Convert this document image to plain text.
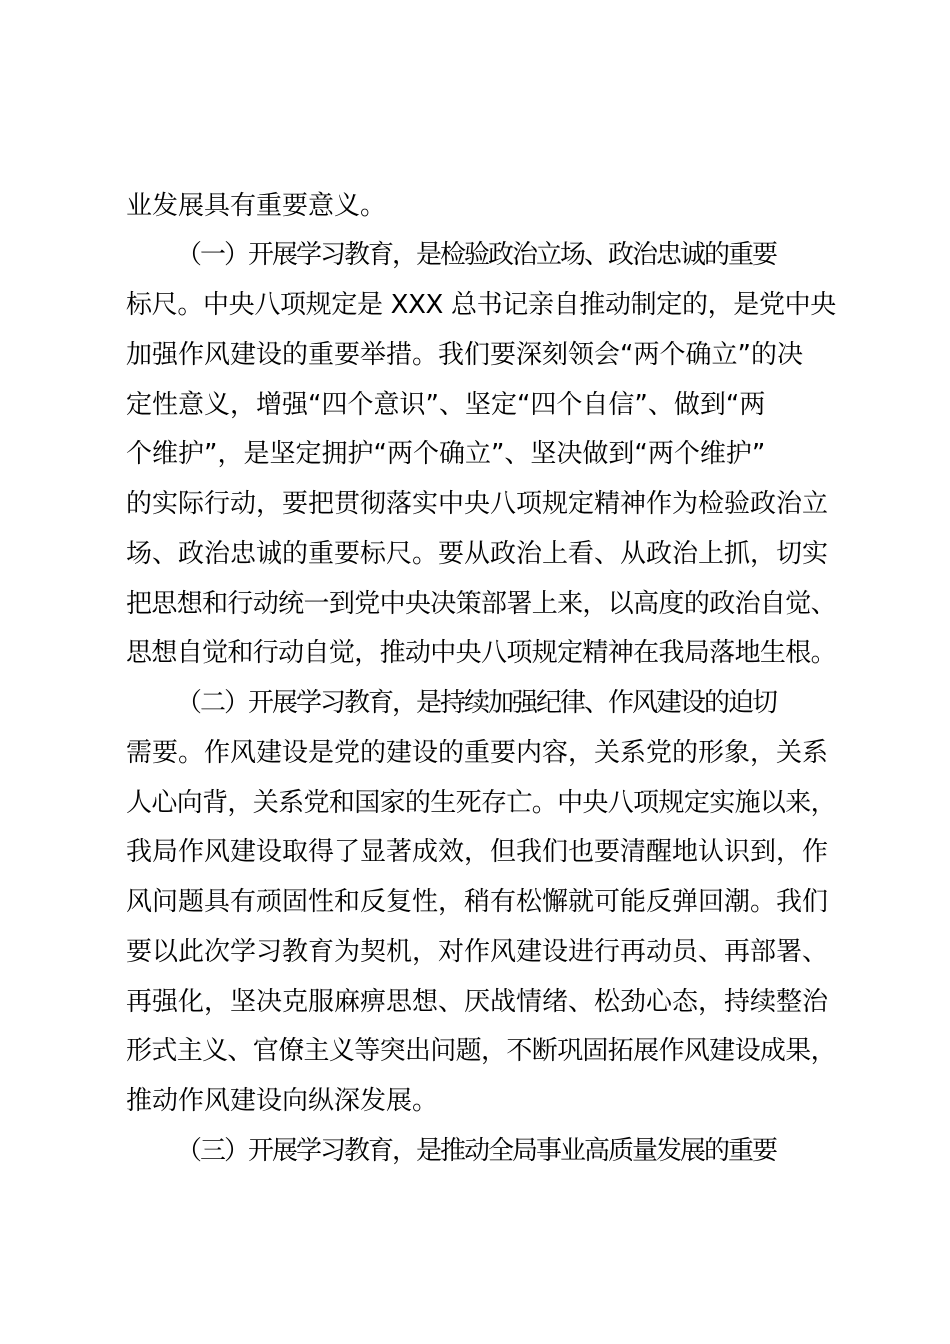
业发展具有重要意义。
（一）开展学习教育，是检验政治立场、政治忠诚的重要
标尺。中央八项规定是 XXX 总书记亲自推动制定的，是党中央
加强作风建设的重要举措。我们要深刻领会“两个确立”的决
定性意义，增强“四个意识”、坚定“四个自信”、做到“两
个维护”，是坚定拥护“两个确立”、坚决做到“两个维护”
的实际行动，要把贯彻落实中央八项规定精神作为检验政治立
场、政治忠诚的重要标尺。要从政治上看、从政治上抓，切实
把思想和行动统一到党中央决策部署上来，以高度的政治自觉、
思想自觉和行动自觉，推动中央八项规定精神在我局落地生根。
（二）开展学习教育，是持续加强纪律、作风建设的迫切
需要。作风建设是党的建设的重要内容，关系党的形象，关系
人心向背，关系党和国家的生死存亡。中央八项规定实施以来，
我局作风建设取得了显著成效，但我们也要清醒地认识到，作
风问题具有顽固性和反复性，稍有松懈就可能反弹回潮。我们
要以此次学习教育为契机，对作风建设进行再动员、再部署、
再强化，坚决克服麻痹思想、厌战情绪、松劲心态，持续整治
形式主义、官僚主义等突出问题，不断巩固拓展作风建设成果，
推动作风建设向纵深发展。
（三）开展学习教育，是推动全局事业高质量发展的重要
